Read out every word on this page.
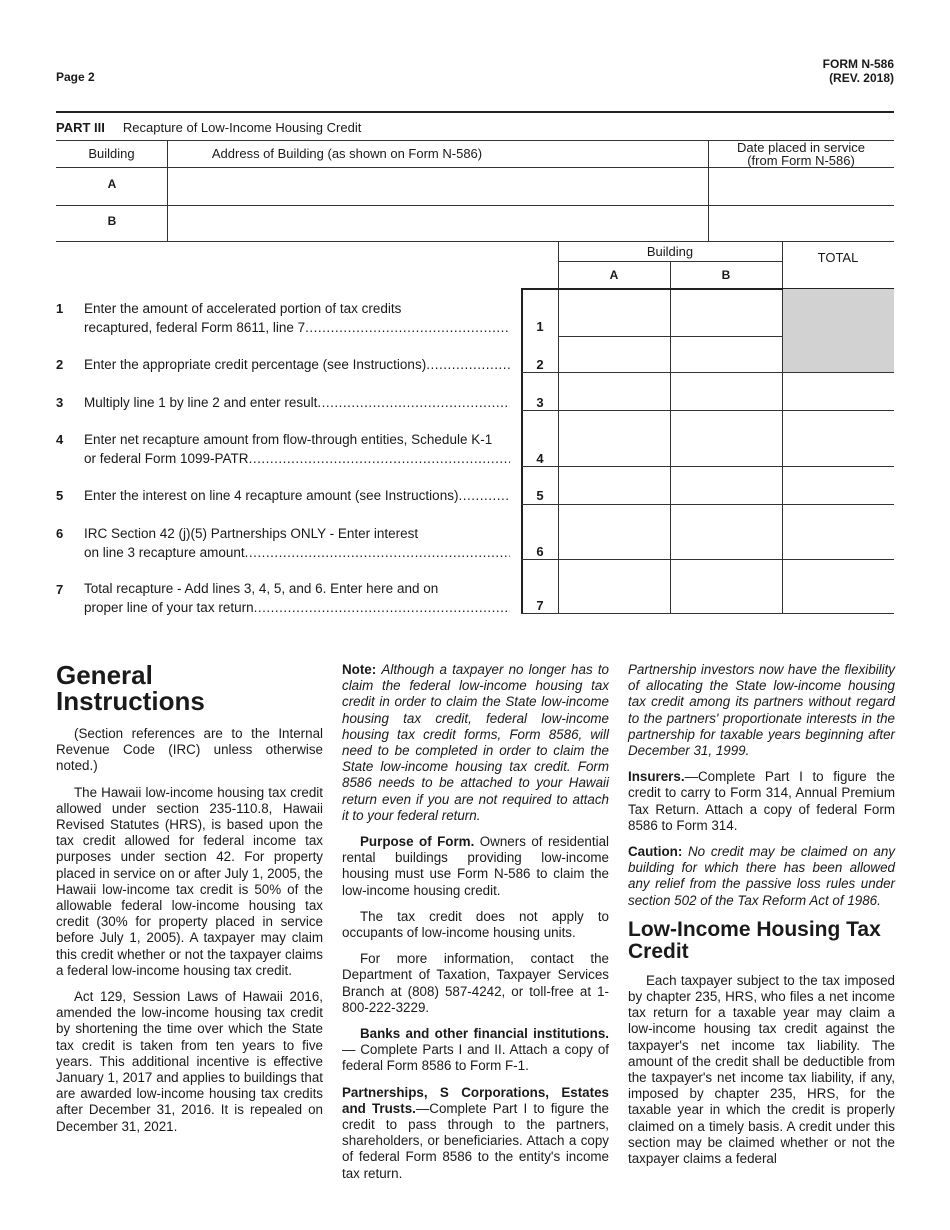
Page 2
FORM N-586
(REV. 2018)
PART III Recapture of Low-Income Housing Credit
Building	Address of Building (as shown on Form N-586)	Date placed in service
(from Form N-586)
A
B
Building
A	B
TOTAL
1 Enter the amount of accelerated portion of tax credits
recaptured, federal Form 8611, line 7 .....	1
2 Enter the appropriate credit percentage (see Instructions) .....	2
3 Multiply line 1 by line 2 and enter result .....	3
4 Enter net recapture amount from flow-through entities, Schedule K-1
or federal Form 1099-PATR .....	4
5 Enter the interest on line 4 recapture amount (see Instructions) .....	5
6 IRC Section 42 (j)(5) Partnerships ONLY - Enter interest
on line 3 recapture amount .....	6
7 Total recapture - Add lines 3, 4, 5, and 6. Enter here and on
proper line of your tax return .....	7
General
Instructions

(Section references are to the Internal Revenue Code (IRC) unless otherwise noted.)

The Hawaii low-income housing tax credit allowed under section 235-110.8, Hawaii Revised Statutes (HRS), is based upon the tax credit allowed for federal income tax purposes under section 42. For property placed in service on or after July 1, 2005, the Hawaii low-income tax credit is 50% of the allowable federal low-income housing tax credit (30% for property placed in service before July 1, 2005). A taxpayer may claim this credit whether or not the taxpayer claims a federal low-income housing tax credit.

Act 129, Session Laws of Hawaii 2016, amended the low-income housing tax credit by shortening the time over which the State tax credit is taken from ten years to five years. This additional incentive is effective January 1, 2017 and applies to buildings that are awarded low-income housing tax credits after December 31, 2016. It is repealed on December 31, 2021.

Note: Although a taxpayer no longer has to claim the federal low-income housing tax credit in order to claim the State low-income housing tax credit, federal low-income housing tax credit forms, Form 8586, will need to be completed in order to claim the State low-income housing tax credit. Form 8586 needs to be attached to your Hawaii return even if you are not required to attach it to your federal return.

Purpose of Form. Owners of residential rental buildings providing low-income housing must use Form N-586 to claim the low-income housing credit.

The tax credit does not apply to occupants of low-income housing units.

For more information, contact the Department of Taxation, Taxpayer Services Branch at (808) 587-4242, or toll-free at 1-800-222-3229.

Banks and other financial institutions. — Complete Parts I and II. Attach a copy of federal Form 8586 to Form F-1.

Partnerships, S Corporations, Estates and Trusts.—Complete Part I to figure the credit to pass through to the partners, shareholders, or beneficiaries. Attach a copy of federal Form 8586 to the entity's income tax return.

Partnership investors now have the flexibility of allocating the State low-income housing tax credit among its partners without regard to the partners' proportionate interests in the partnership for taxable years beginning after December 31, 1999.

Insurers.—Complete Part I to figure the credit to carry to Form 314, Annual Premium Tax Return. Attach a copy of federal Form 8586 to Form 314.

Caution: No credit may be claimed on any building for which there has been allowed any relief from the passive loss rules under section 502 of the Tax Reform Act of 1986.

Low-Income Housing Tax
Credit

Each taxpayer subject to the tax imposed by chapter 235, HRS, who files a net income tax return for a taxable year may claim a low-income housing tax credit against the taxpayer's net income tax liability. The amount of the credit shall be deductible from the taxpayer's net income tax liability, if any, imposed by chapter 235, HRS, for the taxable year in which the credit is properly claimed on a timely basis. A credit under this section may be claimed whether or not the taxpayer claims a federal
